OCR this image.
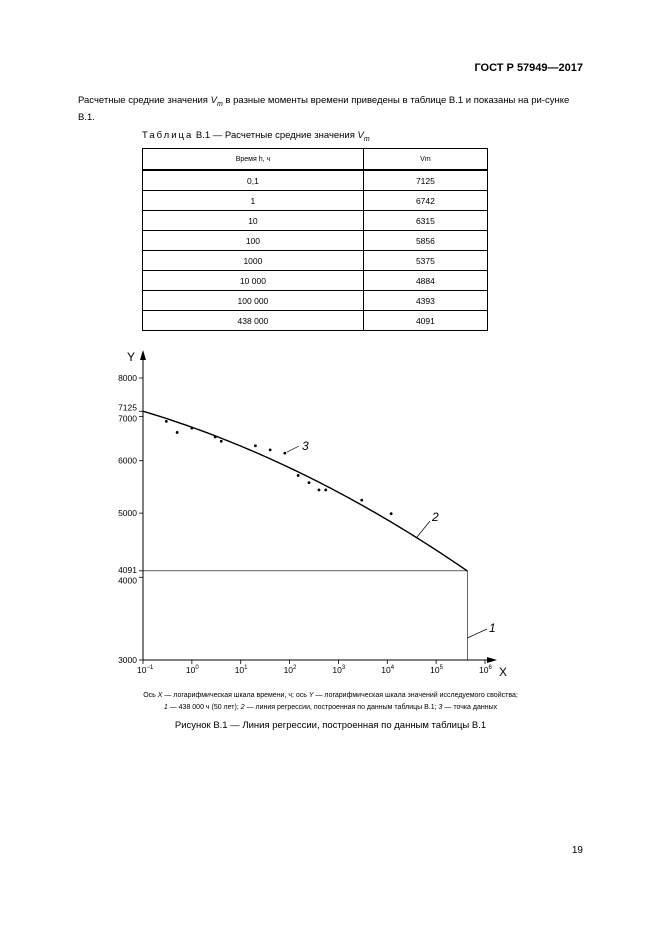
ГОСТ Р 57949—2017
Расчетные средние значения $V_m$ в разные моменты времени приведены в таблице В.1 и показаны на ри-сунке В.1.
Таблица В.1 — Расчетные средние значения $V_m$
Время h, ч	Vm
0,1	7125
1	6742
10	6315
100	5856
1000	5375
10 000	4884
100 000	4393
438 000	4091
Y
X
3000
4000
4091
5000
6000
7000
7125
8000
$10^{-1}$	$10^0$	$10^1$	$10^2$	$10^3$	$10^4$	$10^5$	$10^6$
3
2
1
Ось X — логарифмическая шкала времени, ч; ось Y — логарифмическая шкала значений исследуемого свойства;
1 — 438 000 ч (50 лет); 2 — линия регрессии, построенная по данным таблицы В.1; 3 — точка данных
Рисунок В.1 — Линия регрессии, построенная по данным таблицы В.1
19
